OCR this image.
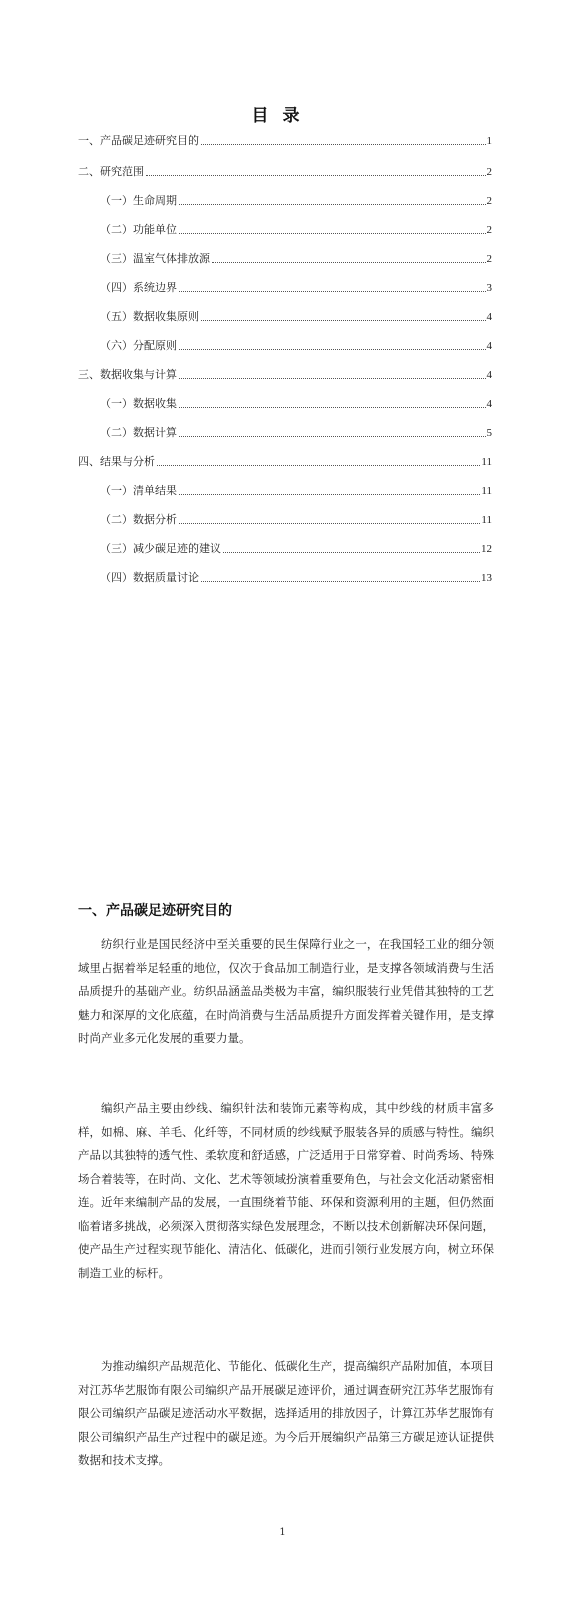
目录
一、产品碳足迹研究目的	1
二、研究范围	2
（一）生命周期	2
（二）功能单位	2
（三）温室气体排放源	2
（四）系统边界	3
（五）数据收集原则	4
（六）分配原则	4
三、数据收集与计算	4
（一）数据收集	4
（二）数据计算	5
四、结果与分析	11
（一）清单结果	11
（二）数据分析	11
（三）减少碳足迹的建议	12
（四）数据质量讨论	13
一、产品碳足迹研究目的

纺织行业是国民经济中至关重要的民生保障行业之一，在我国轻工业的细分领域里占据着举足轻重的地位，仅次于食品加工制造行业，是支撑各领域消费与生活品质提升的基础产业。纺织品涵盖品类极为丰富，编织服装行业凭借其独特的工艺魅力和深厚的文化底蕴，在时尚消费与生活品质提升方面发挥着关键作用，是支撑时尚产业多元化发展的重要力量。

编织产品主要由纱线、编织针法和装饰元素等构成，其中纱线的材质丰富多样，如棉、麻、羊毛、化纤等，不同材质的纱线赋予服装各异的质感与特性。编织产品以其独特的透气性、柔软度和舒适感，广泛适用于日常穿着、时尚秀场、特殊场合着装等，在时尚、文化、艺术等领域扮演着重要角色，与社会文化活动紧密相连。近年来编制产品的发展，一直围绕着节能、环保和资源利用的主题，但仍然面临着诸多挑战，必须深入贯彻落实绿色发展理念，不断以技术创新解决环保问题，使产品生产过程实现节能化、清洁化、低碳化，进而引领行业发展方向，树立环保制造工业的标杆。

为推动编织产品规范化、节能化、低碳化生产，提高编织产品附加值，本项目对江苏华艺服饰有限公司编织产品开展碳足迹评价，通过调查研究江苏华艺服饰有限公司编织产品碳足迹活动水平数据，选择适用的排放因子，计算江苏华艺服饰有限公司编织产品生产过程中的碳足迹。为今后开展编织产品第三方碳足迹认证提供数据和技术支撑。

1
